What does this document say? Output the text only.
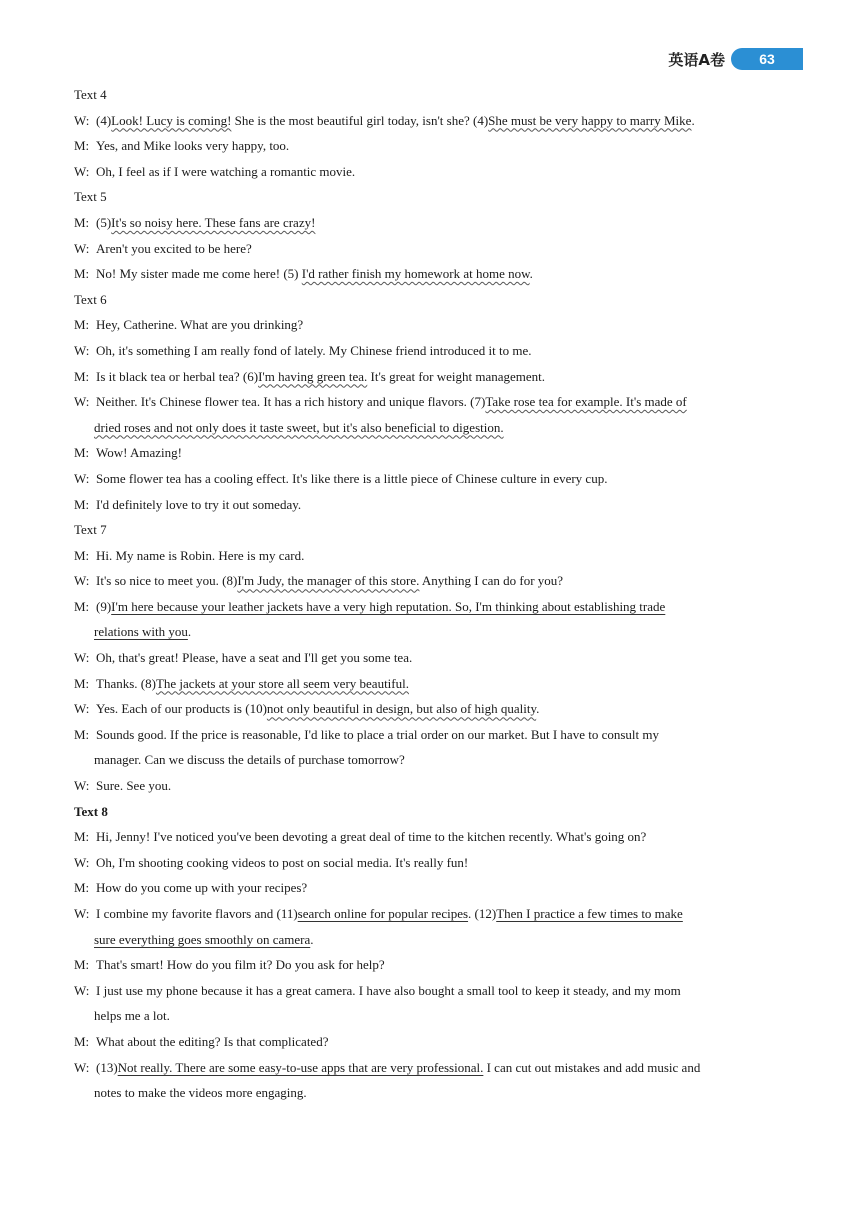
英语A卷	63

Text 4

W: (4)Look! Lucy is coming! She is the most beautiful girl today, isn't she? (4)She must be very happy to marry Mike.

M: Yes, and Mike looks very happy, too.

W: Oh, I feel as if I were watching a romantic movie.

Text 5

M: (5)It's so noisy here. These fans are crazy!

W: Aren't you excited to be here?

M: No! My sister made me come here! (5) I'd rather finish my homework at home now.

Text 6

M: Hey, Catherine. What are you drinking?

W: Oh, it's something I am really fond of lately. My Chinese friend introduced it to me.

M: Is it black tea or herbal tea? (6)I'm having green tea. It's great for weight management.

W: Neither. It's Chinese flower tea. It has a rich history and unique flavors. (7)Take rose tea for example. It's made of

dried roses and not only does it taste sweet, but it's also beneficial to digestion.

M: Wow! Amazing!

W: Some flower tea has a cooling effect. It's like there is a little piece of Chinese culture in every cup.

M: I'd definitely love to try it out someday.

Text 7

M: Hi. My name is Robin. Here is my card.

W: It's so nice to meet you. (8)I'm Judy, the manager of this store. Anything I can do for you?

M: (9)I'm here because your leather jackets have a very high reputation. So, I'm thinking about establishing trade

relations with you.

W: Oh, that's great! Please, have a seat and I'll get you some tea.

M: Thanks. (8)The jackets at your store all seem very beautiful.

W: Yes. Each of our products is (10)not only beautiful in design, but also of high quality.

M: Sounds good. If the price is reasonable, I'd like to place a trial order on our market. But I have to consult my

manager. Can we discuss the details of purchase tomorrow?

W: Sure. See you.

Text 8

M: Hi, Jenny! I've noticed you've been devoting a great deal of time to the kitchen recently. What's going on?

W: Oh, I'm shooting cooking videos to post on social media. It's really fun!

M: How do you come up with your recipes?

W: I combine my favorite flavors and (11)search online for popular recipes. (12)Then I practice a few times to make

sure everything goes smoothly on camera.

M: That's smart! How do you film it? Do you ask for help?

W: I just use my phone because it has a great camera. I have also bought a small tool to keep it steady, and my mom

helps me a lot.

M: What about the editing? Is that complicated?

W: (13)Not really. There are some easy-to-use apps that are very professional. I can cut out mistakes and add music and

notes to make the videos more engaging.
